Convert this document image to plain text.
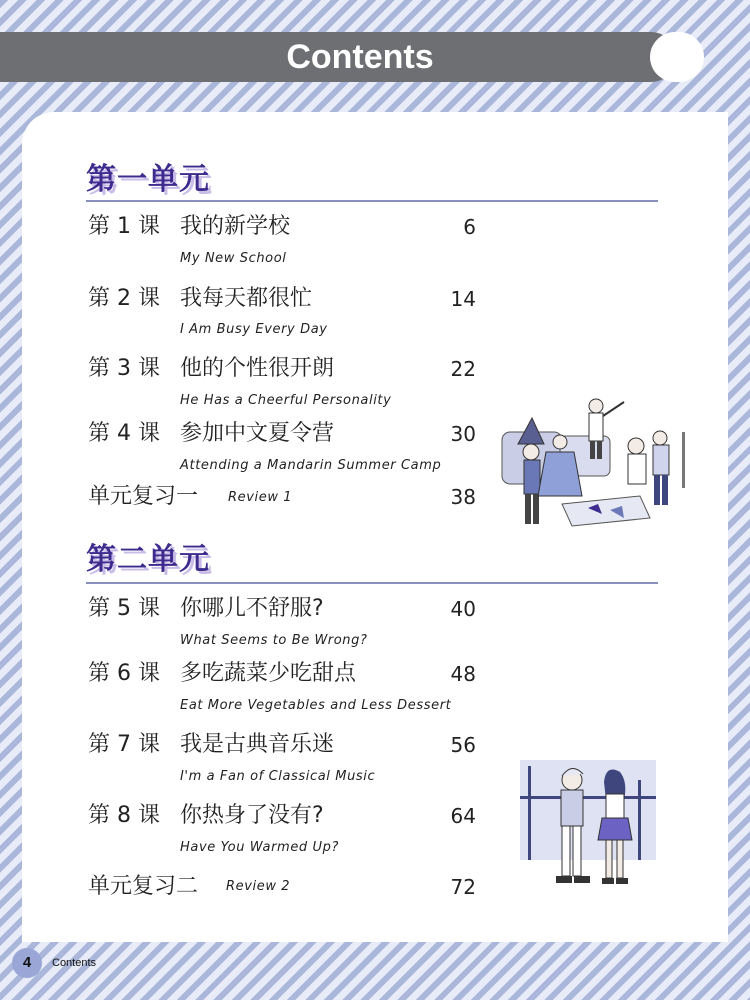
Contents
第一单元
第 1 课 我的新学校	6
My New School
第 2 课 我每天都很忙	14
I Am Busy Every Day
第 3 课 他的个性很开朗	22
He Has a Cheerful Personality
第 4 课 参加中文夏令营	30
Attending a Mandarin Summer Camp
单元复习一 Review 1	38
第二单元
第 5 课 你哪儿不舒服?	40
What Seems to Be Wrong?
第 6 课 多吃蔬菜少吃甜点	48
Eat More Vegetables and Less Dessert
第 7 课 我是古典音乐迷	56
I'm a Fan of Classical Music
第 8 课 你热身了没有?	64
Have You Warmed Up?
单元复习二 Review 2	72
4	Contents
